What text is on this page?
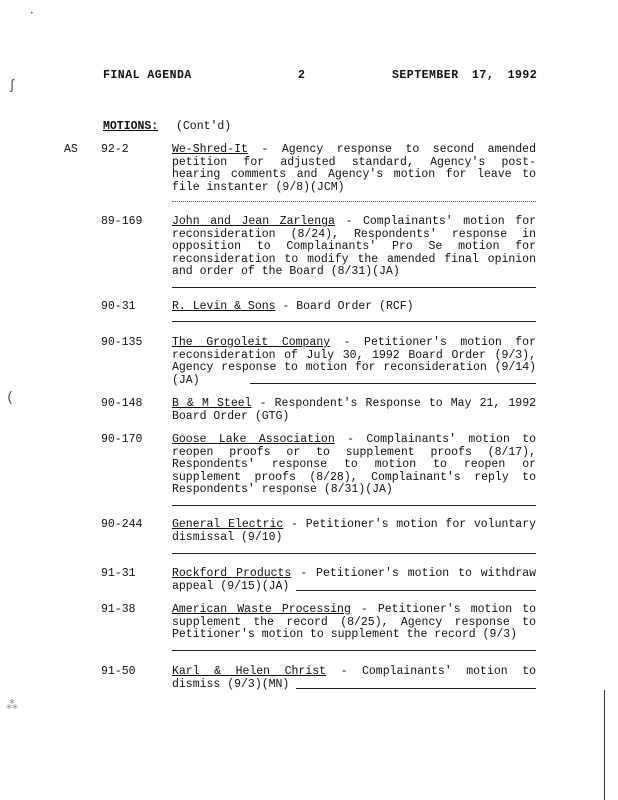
FINAL AGENDA	2	SEPTEMBER 17, 1992
MOTIONS: (Cont'd)
AS 92-2	We-Shred-It - Agency response to second amended petition for adjusted standard, Agency's post-hearing comments and Agency's motion for leave to file instanter (9/8)(JCM)
89-169	John and Jean Zarlenga - Complainants' motion for reconsideration (8/24), Respondents' response in opposition to Complainants' Pro Se motion for reconsideration to modify the amended final opinion and order of the Board (8/31)(JA)
90-31	R. Levin & Sons - Board Order (RCF)
90-135	The Grogoleit Company - Petitioner's motion for reconsideration of July 30, 1992 Board Order (9/3), Agency response to motion for reconsideration (9/14)(JA)
90-148	B & M Steel - Respondent's Response to May 21, 1992 Board Order (GTG)
90-170	Goose Lake Association - Complainants' motion to reopen proofs or to supplement proofs (8/17), Respondents' response to motion to reopen or supplement proofs (8/28), Complainant's reply to Respondents' response (8/31)(JA)
90-244	General Electric - Petitioner's motion for voluntary dismissal (9/10)
91-31	Rockford Products - Petitioner's motion to withdraw appeal (9/15)(JA)
91-38	American Waste Processing - Petitioner's motion to supplement the record (8/25), Agency response to Petitioner's motion to supplement the record (9/3)
91-50	Karl & Helen Christ - Complainants' motion to dismiss (9/3)(MN)
ʃ
(
⁂
•
